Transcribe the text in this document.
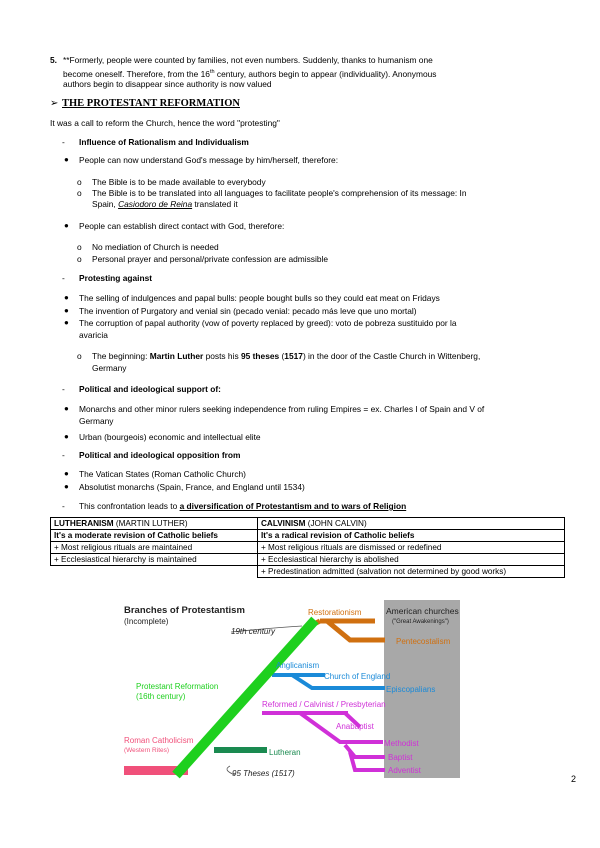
5. **Formerly, people were counted by families, not even numbers. Suddenly, thanks to humanism one
become oneself. Therefore, from the 16th century, authors begin to appear (individuality). Anonymous
authors begin to disappear since authority is now valued
➢ THE PROTESTANT REFORMATION
It was a call to reform the Church, hence the word "protesting"
- Influence of Rationalism and Individualism
● People can now understand God's message by him/herself, therefore:
o The Bible is to be made available to everybody
o The Bible is to be translated into all languages to facilitate people's comprehension of its message: In
Spain, Casiodoro de Reina translated it
● People can establish direct contact with God, therefore:
o No mediation of Church is needed
o Personal prayer and personal/private confession are admissible
- Protesting against
● The selling of indulgences and papal bulls: people bought bulls so they could eat meat on Fridays
● The invention of Purgatory and venial sin (pecado venial: pecado más leve que uno mortal)
● The corruption of papal authority (vow of poverty replaced by greed): voto de pobreza sustituido por la
avaricia
o The beginning: Martin Luther posts his 95 theses (1517) in the door of the Castle Church in Wittenberg,
Germany
- Political and ideological support of:
● Monarchs and other minor rulers seeking independence from ruling Empires = ex. Charles I of Spain and V of
Germany
● Urban (bourgeois) economic and intellectual elite
- Political and ideological opposition from
● The Vatican States (Roman Catholic Church)
● Absolutist monarchs (Spain, France, and England until 1534)
- This confrontation leads to a diversification of Protestantism and to wars of Religion
LUTHERANISM (MARTIN LUTHER)	CALVINISM (JOHN CALVIN)
It's a moderate revision of Catholic beliefs	It's a radical revision of Catholic beliefs
+ Most religious rituals are maintained	+ Most religious rituals are dismissed or redefined
+ Ecclesiastical hierarchy is maintained	+ Ecclesiastical hierarchy is abolished
	+ Predestination admitted (salvation not determined by good works)
Branches of Protestantism
(Incomplete)
19th century
Protestant Reformation
(16th century)
Roman Catholicism
(Western Rites)
95 Theses (1517)
Lutheran
Anglicanism
Church of England
Episcopalians
Reformed / Calvinist / Presbyterian
Anabaptist
Methodist
Baptist
Adventist
Restorationism
Pentecostalism
American churches
("Great Awakenings")
2
